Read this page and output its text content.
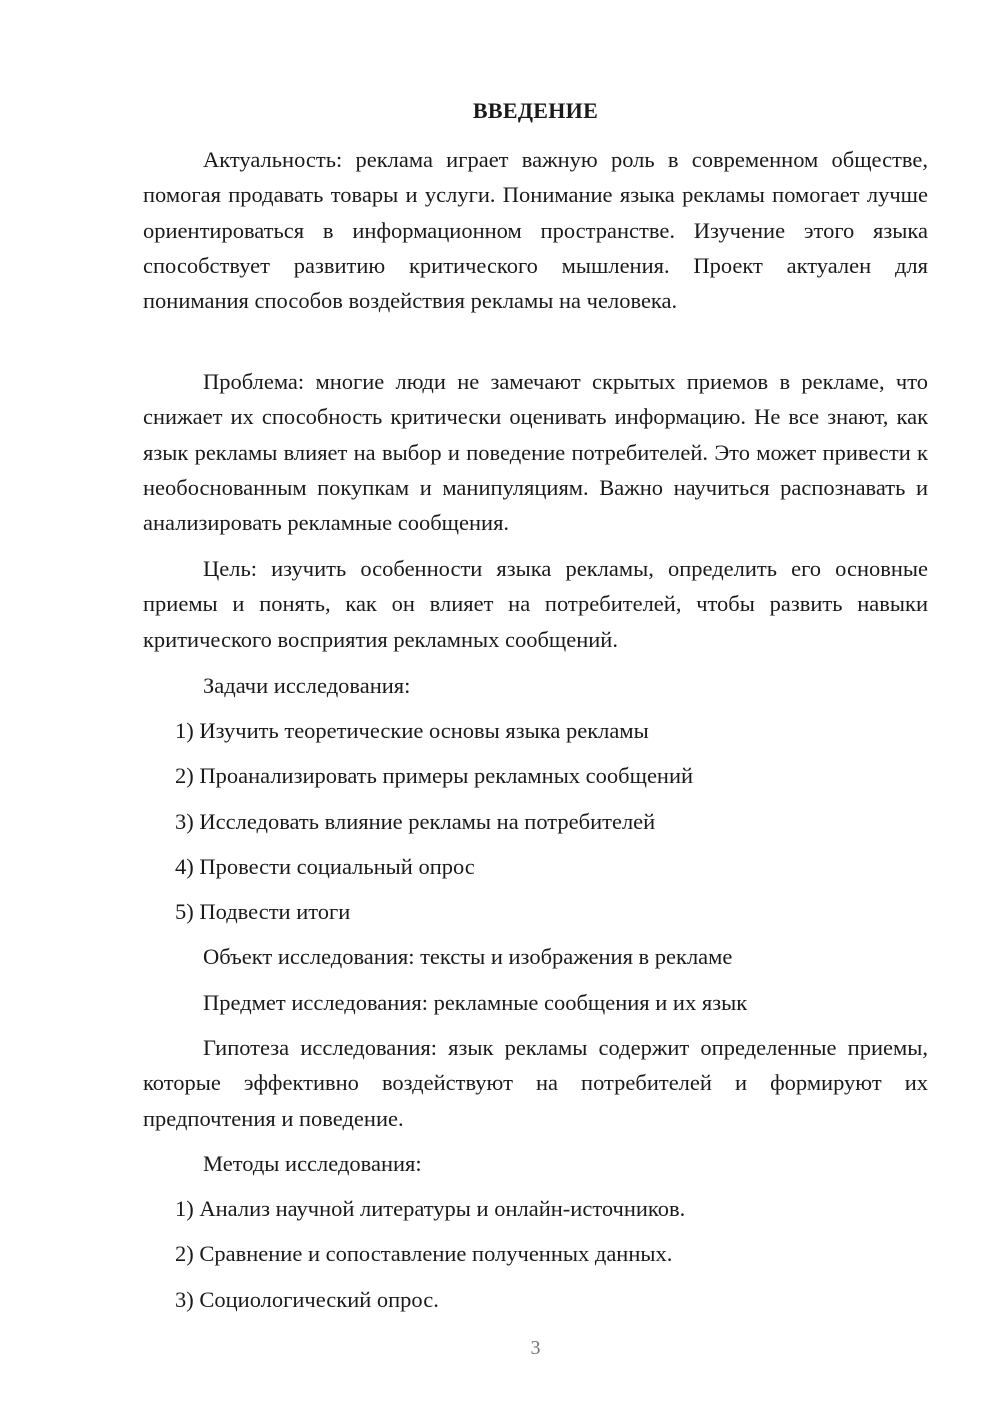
ВВЕДЕНИЕ

Актуальность: реклама играет важную роль в современном обществе, помогая продавать товары и услуги. Понимание языка рекламы помогает лучше ориентироваться в информационном пространстве. Изучение этого языка способствует развитию критического мышления. Проект актуален для понимания способов воздействия рекламы на человека.

Проблема: многие люди не замечают скрытых приемов в рекламе, что снижает их способность критически оценивать информацию. Не все знают, как язык рекламы влияет на выбор и поведение потребителей. Это может привести к необоснованным покупкам и манипуляциям. Важно научиться распознавать и анализировать рекламные сообщения.

Цель: изучить особенности языка рекламы, определить его основные приемы и понять, как он влияет на потребителей, чтобы развить навыки критического восприятия рекламных сообщений.

Задачи исследования:
1) Изучить теоретические основы языка рекламы
2) Проанализировать примеры рекламных сообщений
3) Исследовать влияние рекламы на потребителей
4) Провести социальный опрос
5) Подвести итоги
Объект исследования: тексты и изображения в рекламе
Предмет исследования: рекламные сообщения и их язык

Гипотеза исследования: язык рекламы содержит определенные приемы, которые эффективно воздействуют на потребителей и формируют их предпочтения и поведение.

Методы исследования:
1) Анализ научной литературы и онлайн-источников.
2) Сравнение и сопоставление полученных данных.
3) Социологический опрос.
3
